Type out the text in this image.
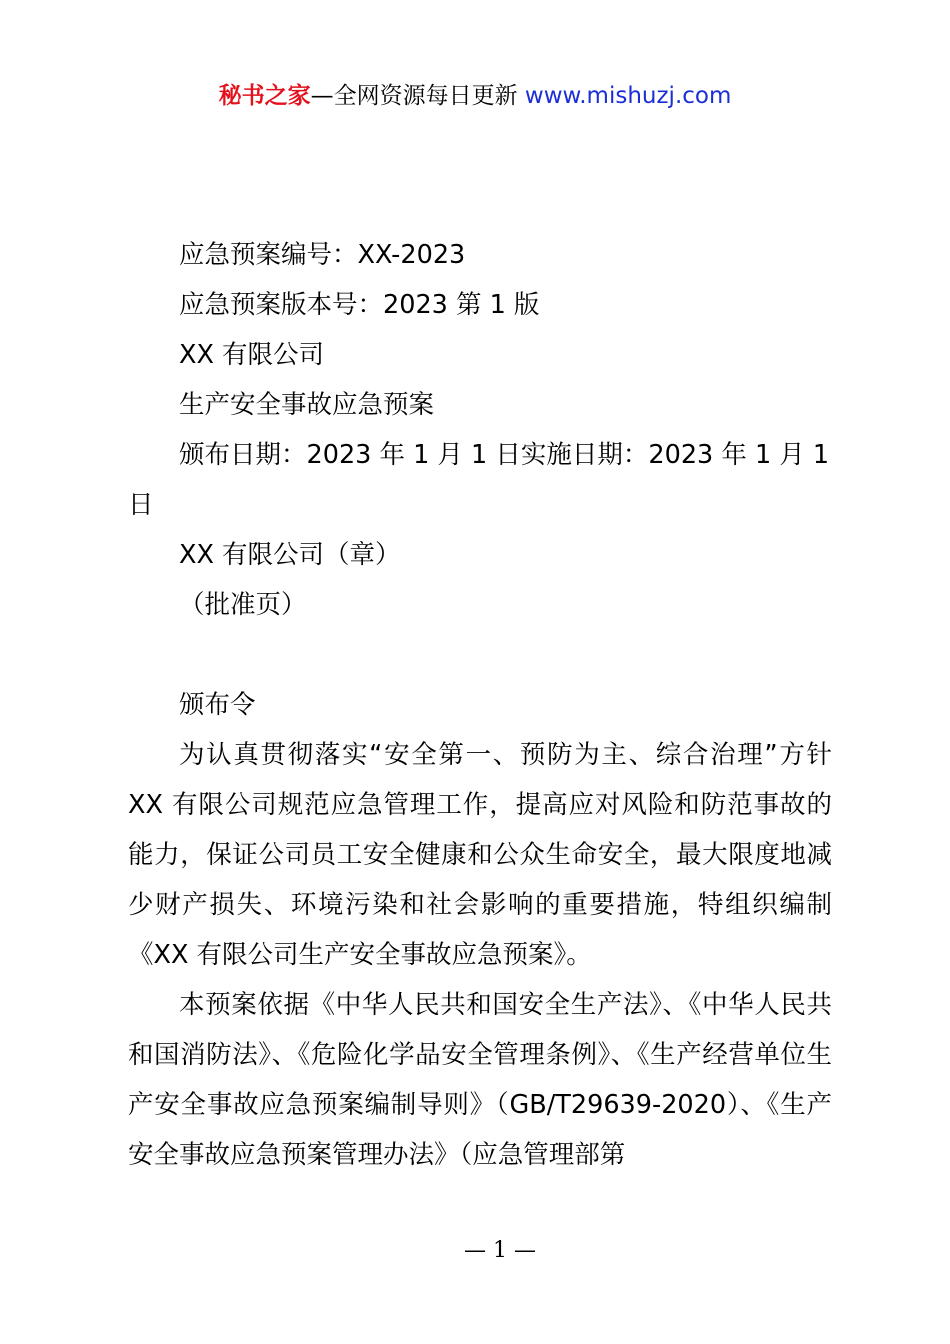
秘书之家—全网资源每日更新 www.mishuzj.com

应急预案编号：XX-2023

应急预案版本号：2023 第 1 版

XX 有限公司

生产安全事故应急预案

颁布日期：2023 年 1 月 1 日实施日期：2023 年 1 月 1 日

XX 有限公司（章）

（批准页）

颁布令

为认真贯彻落实“安全第一、预防为主、综合治理”方针 XX 有限公司规范应急管理工作，提高应对风险和防范事故的能力，保证公司员工安全健康和公众生命安全，最大限度地减少财产损失、环境污染和社会影响的重要措施，特组织编制《XX 有限公司生产安全事故应急预案》。

本预案依据《中华人民共和国安全生产法》、《中华人民共和国消防法》、《危险化学品安全管理条例》、《生产经营单位生产安全事故应急预案编制导则》（GB/T29639-2020）、《生产安全事故应急预案管理办法》（应急管理部第

— 1 —
